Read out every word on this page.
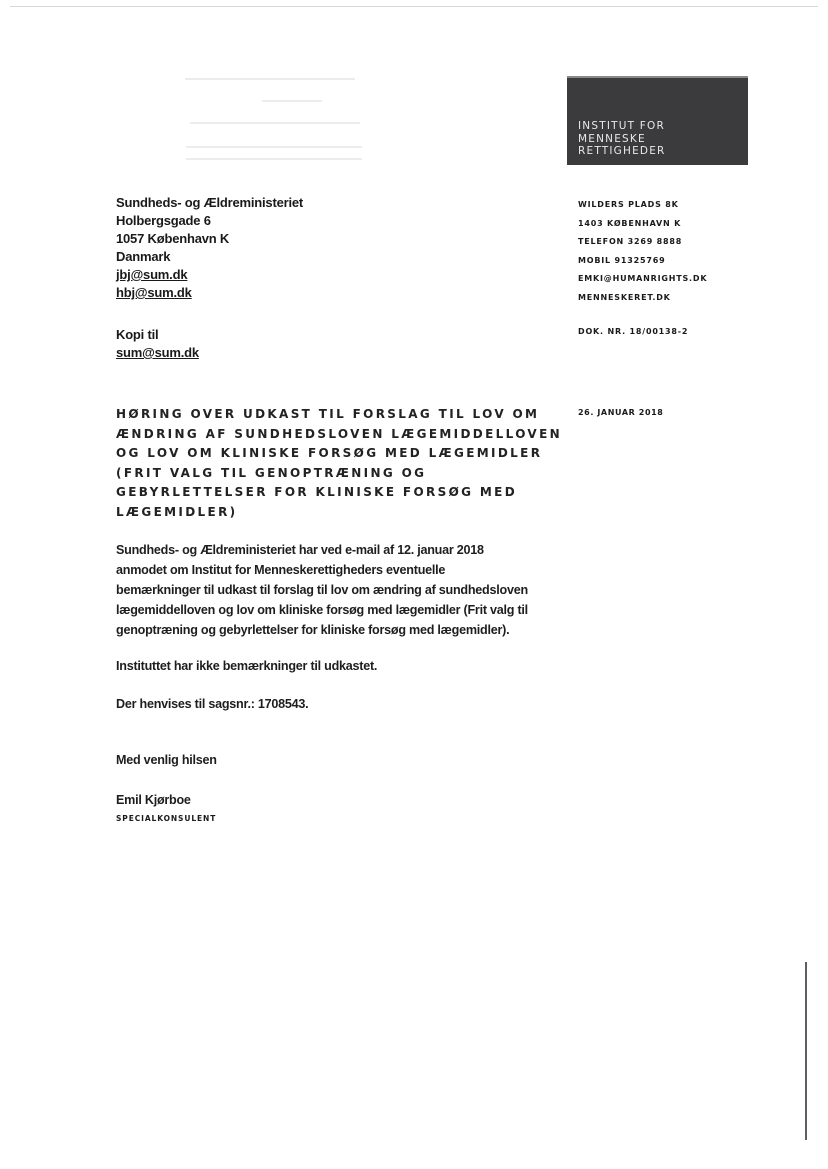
INSTITUT FOR
MENNESKE
RETTIGHEDER
Sundheds- og Ældreministeriet
Holbergsgade 6
1057 København K
Danmark
jbj@sum.dk
hbj@sum.dk
Kopi til
sum@sum.dk
WILDERS PLADS 8K
1403 KØBENHAVN K
TELEFON 3269 8888
MOBIL 91325769
EMKI@HUMANRIGHTS.DK
MENNESKERET.DK
DOK. NR. 18/00138-2
26. JANUAR 2018
HØRING OVER UDKAST TIL FORSLAG TIL LOV OM
ÆNDRING AF SUNDHEDSLOVEN LÆGEMIDDELLOVEN
OG LOV OM KLINISKE FORSØG MED LÆGEMIDLER
(FRIT VALG TIL GENOPTRÆNING OG
GEBYRLETTELSER FOR KLINISKE FORSØG MED
LÆGEMIDLER)
Sundheds- og Ældreministeriet har ved e-mail af 12. januar 2018
anmodet om Institut for Menneskerettigheders eventuelle
bemærkninger til udkast til forslag til lov om ændring af sundhedsloven
lægemiddelloven og lov om kliniske forsøg med lægemidler (Frit valg til
genoptræning og gebyrlettelser for kliniske forsøg med lægemidler).
Instituttet har ikke bemærkninger til udkastet.
Der henvises til sagsnr.: 1708543.
Med venlig hilsen
Emil Kjørboe
SPECIALKONSULENT
